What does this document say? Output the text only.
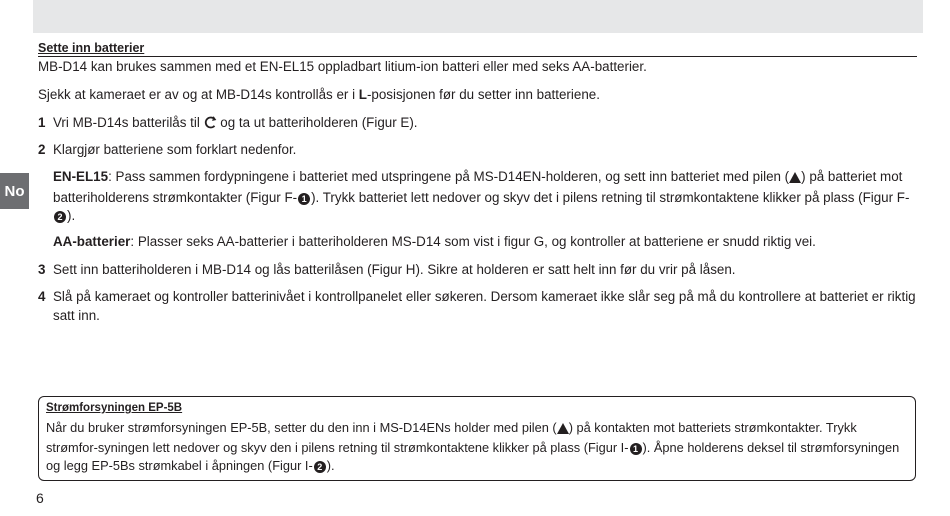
No
Sette inn batterier

MB-D14 kan brukes sammen med et EN-EL15 oppladbart litium-ion batteri eller med seks AA-batterier.

Sjekk at kameraet er av og at MB-D14s kontrollås er i L-posisjonen før du setter inn batteriene.

1 Vri MB-D14s batterilås til  og ta ut batteriholderen (Figur E).

2 Klargjør batteriene som forklart nedenfor.

EN-EL15: Pass sammen fordypningene i batteriet med utspringene på MS-D14EN-holderen, og sett inn batteriet med pilen ( ) på batteriet mot batteriholderens strømkontakter (Figur F- 1 ). Trykk batteriet lett nedover og skyv det i pilens retning til strømkontaktene klikker på plass (Figur F-2 ).

AA-batterier: Plasser seks AA-batterier i batteriholderen MS-D14 som vist i figur G, og kontroller at batteriene er snudd riktig vei.

3 Sett inn batteriholderen i MB-D14 og lås batterilåsen (Figur H). Sikre at holderen er satt helt inn før du vrir på låsen.

4 Slå på kameraet og kontroller batterinivået i kontrollpanelet eller søkeren. Dersom kameraet ikke slår seg på må du kontrollere at batteriet er riktig satt inn.

Strømforsyningen EP-5B

Når du bruker strømforsyningen EP-5B, setter du den inn i MS-D14ENs holder med pilen ( ) på kontakten mot batteriets strømkontakter. Trykk strømfor-syningen lett nedover og skyv den i pilens retning til strømkontaktene klikker på plass (Figur I- 1 ). Åpne holderens deksel til strømforsyningen og legg EP-5Bs strømkabel i åpningen (Figur I- 2 ).

6
